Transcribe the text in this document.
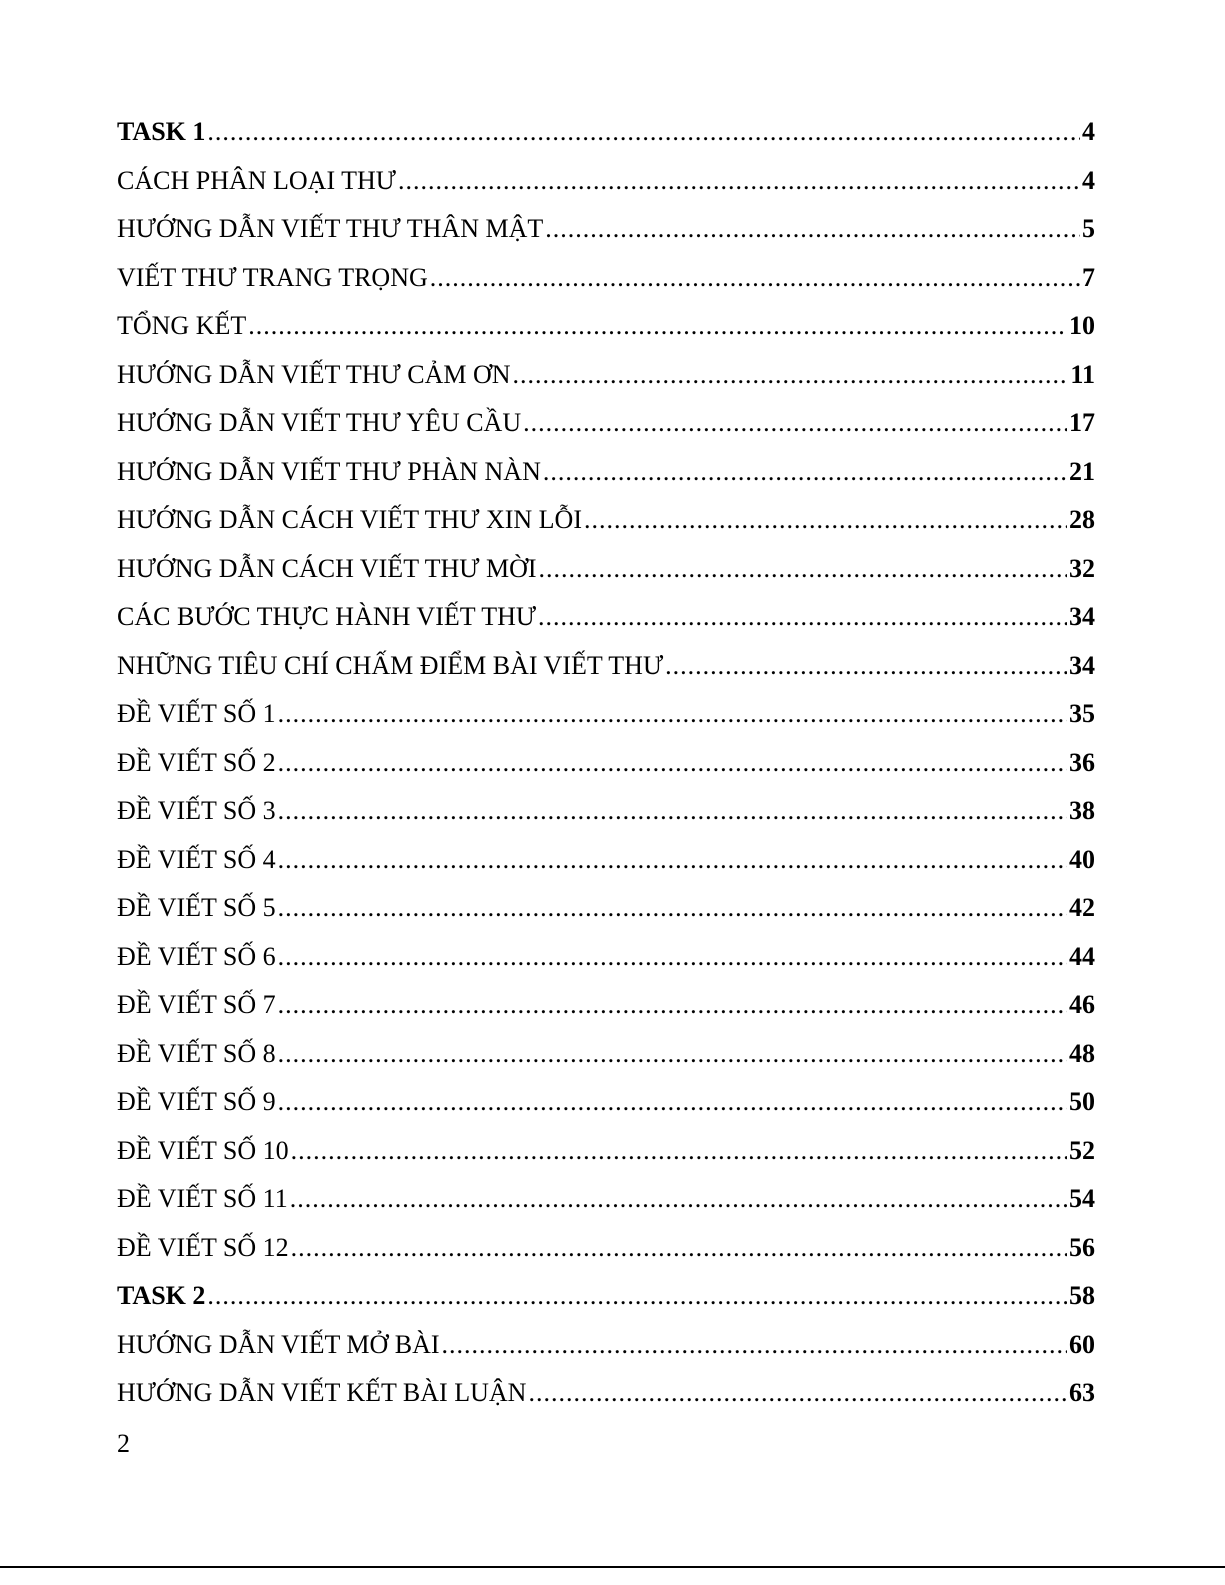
TASK 1 .....	4
CÁCH PHÂN LOẠI THƯ .....	4
HƯỚNG DẪN VIẾT THƯ THÂN MẬT .....	5
VIẾT THƯ TRANG TRỌNG .....	7
TỔNG KẾT .....	10
HƯỚNG DẪN VIẾT THƯ CẢM ƠN .....	11
HƯỚNG DẪN VIẾT THƯ YÊU CẦU .....	17
HƯỚNG DẪN VIẾT THƯ PHÀN NÀN .....	21
HƯỚNG DẪN CÁCH VIẾT THƯ XIN LỖI .....	28
HƯỚNG DẪN CÁCH VIẾT THƯ MỜI .....	32
CÁC BƯỚC THỰC HÀNH VIẾT THƯ .....	34
NHỮNG TIÊU CHÍ CHẤM ĐIỂM BÀI VIẾT THƯ .....	34
ĐỀ VIẾT SỐ 1 .....	35
ĐỀ VIẾT SỐ 2 .....	36
ĐỀ VIẾT SỐ 3 .....	38
ĐỀ VIẾT SỐ 4 .....	40
ĐỀ VIẾT SỐ 5 .....	42
ĐỀ VIẾT SỐ 6 .....	44
ĐỀ VIẾT SỐ 7 .....	46
ĐỀ VIẾT SỐ 8 .....	48
ĐỀ VIẾT SỐ 9 .....	50
ĐỀ VIẾT SỐ 10 .....	52
ĐỀ VIẾT SỐ 11 .....	54
ĐỀ VIẾT SỐ 12 .....	56
TASK 2 .....	58
HƯỚNG DẪN VIẾT MỞ BÀI .....	60
HƯỚNG DẪN VIẾT KẾT BÀI LUẬN .....	63
2
